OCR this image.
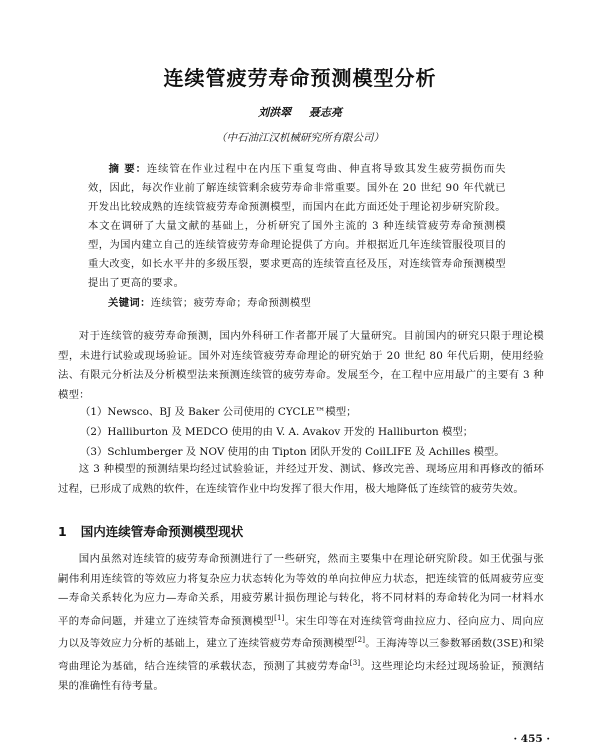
连续管疲劳寿命预测模型分析
刘洪翠 聂志亮
（中石油江汉机械研究所有限公司）
摘 要：连续管在作业过程中在内压下重复弯曲、伸直将导致其发生疲劳损伤而失效，因此，每次作业前了解连续管剩余疲劳寿命非常重要。国外在 20 世纪 90 年代就已开发出比较成熟的连续管疲劳寿命预测模型，而国内在此方面还处于理论初步研究阶段。本文在调研了大量文献的基础上，分析研究了国外主流的 3 种连续管疲劳寿命预测模型，为国内建立自己的连续管疲劳寿命理论提供了方向。并根据近几年连续管服役项目的重大改变，如长水平井的多级压裂，要求更高的连续管直径及压，对连续管寿命预测模型提出了更高的要求。
关键词：连续管；疲劳寿命；寿命预测模型
对于连续管的疲劳寿命预测，国内外科研工作者都开展了大量研究。目前国内的研究只限于理论模型，未进行试验或现场验证。国外对连续管疲劳寿命理论的研究始于 20 世纪 80 年代后期，使用经验法、有限元分析法及分析模型法来预测连续管的疲劳寿命。发展至今，在工程中应用最广的主要有 3 种模型：
（1）Newsco、BJ 及 Baker 公司使用的 CYCLE™模型；
（2）Halliburton 及 MEDCO 使用的由 V. A. Avakov 开发的 Halliburton 模型；
（3）Schlumberger 及 NOV 使用的由 Tipton 团队开发的 CoilLIFE 及 Achilles 模型。
这 3 种模型的预测结果均经过试验验证，并经过开发、测试、修改完善、现场应用和再修改的循环过程，已形成了成熟的软件，在连续管作业中均发挥了很大作用，极大地降低了连续管的疲劳失效。
1 国内连续管寿命预测模型现状
国内虽然对连续管的疲劳寿命预测进行了一些研究，然而主要集中在理论研究阶段。如王优强与张嗣伟利用连续管的等效应力将复杂应力状态转化为等效的单向拉伸应力状态，把连续管的低周疲劳应变—寿命关系转化为应力—寿命关系，用疲劳累计损伤理论与转化，将不同材料的寿命转化为同一材料水平的寿命问题，并建立了连续管寿命预测模型[1]。宋生印等在对连续管弯曲拉应力、径向应力、周向应力以及等效应力分析的基础上，建立了连续管疲劳寿命预测模型[2]。王海涛等以三参数幂函数(3SE)和梁弯曲理论为基础，结合连续管的承载状态，预测了其疲劳寿命[3]。这些理论均未经过现场验证，预测结果的准确性有待考量。
· 455 ·
